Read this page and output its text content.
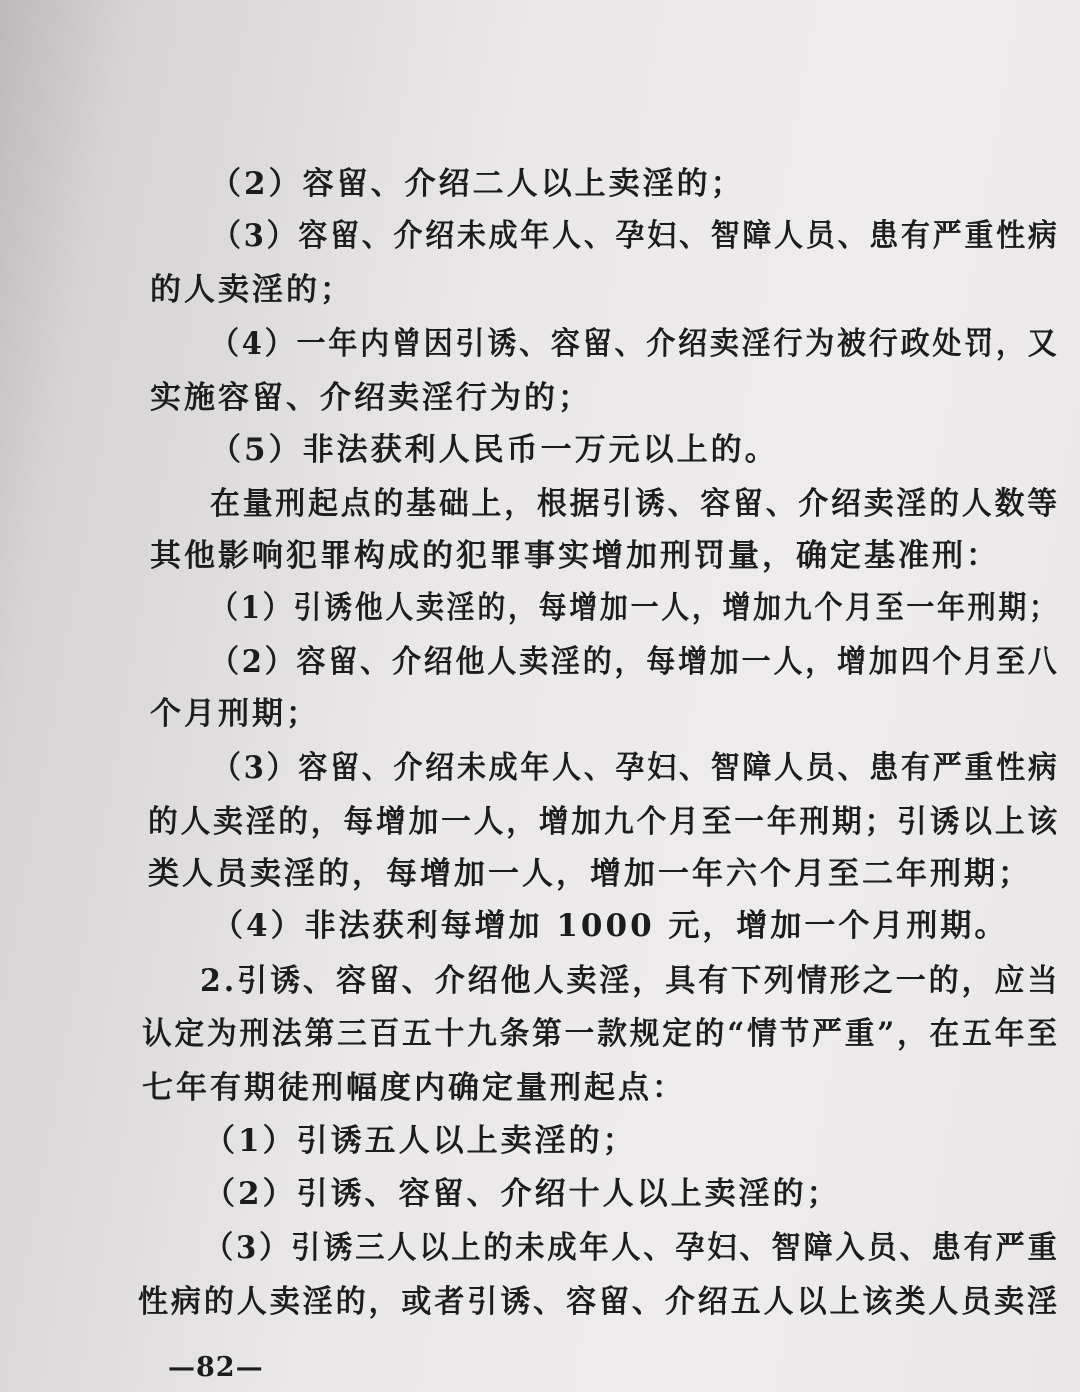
（2）容留、介绍二人以上卖淫的；
（3）容留、介绍未成年人、孕妇、智障人员、患有严重性病
的人卖淫的；
（4）一年内曾因引诱、容留、介绍卖淫行为被行政处罚，又
实施容留、介绍卖淫行为的；
（5）非法获利人民币一万元以上的。
在量刑起点的基础上，根据引诱、容留、介绍卖淫的人数等
其他影响犯罪构成的犯罪事实增加刑罚量，确定基准刑：
（1）引诱他人卖淫的，每增加一人，增加九个月至一年刑期；
（2）容留、介绍他人卖淫的，每增加一人，增加四个月至八
个月刑期；
（3）容留、介绍未成年人、孕妇、智障人员、患有严重性病
的人卖淫的，每增加一人，增加九个月至一年刑期；引诱以上该
类人员卖淫的，每增加一人，增加一年六个月至二年刑期；
（4）非法获利每增加 1000 元，增加一个月刑期。
2.引诱、容留、介绍他人卖淫，具有下列情形之一的，应当
认定为刑法第三百五十九条第一款规定的“情节严重”，在五年至
七年有期徒刑幅度内确定量刑起点：
（1）引诱五人以上卖淫的；
（2）引诱、容留、介绍十人以上卖淫的；
（3）引诱三人以上的未成年人、孕妇、智障入员、患有严重
性病的人卖淫的，或者引诱、容留、介绍五人以上该类人员卖淫
—82—
